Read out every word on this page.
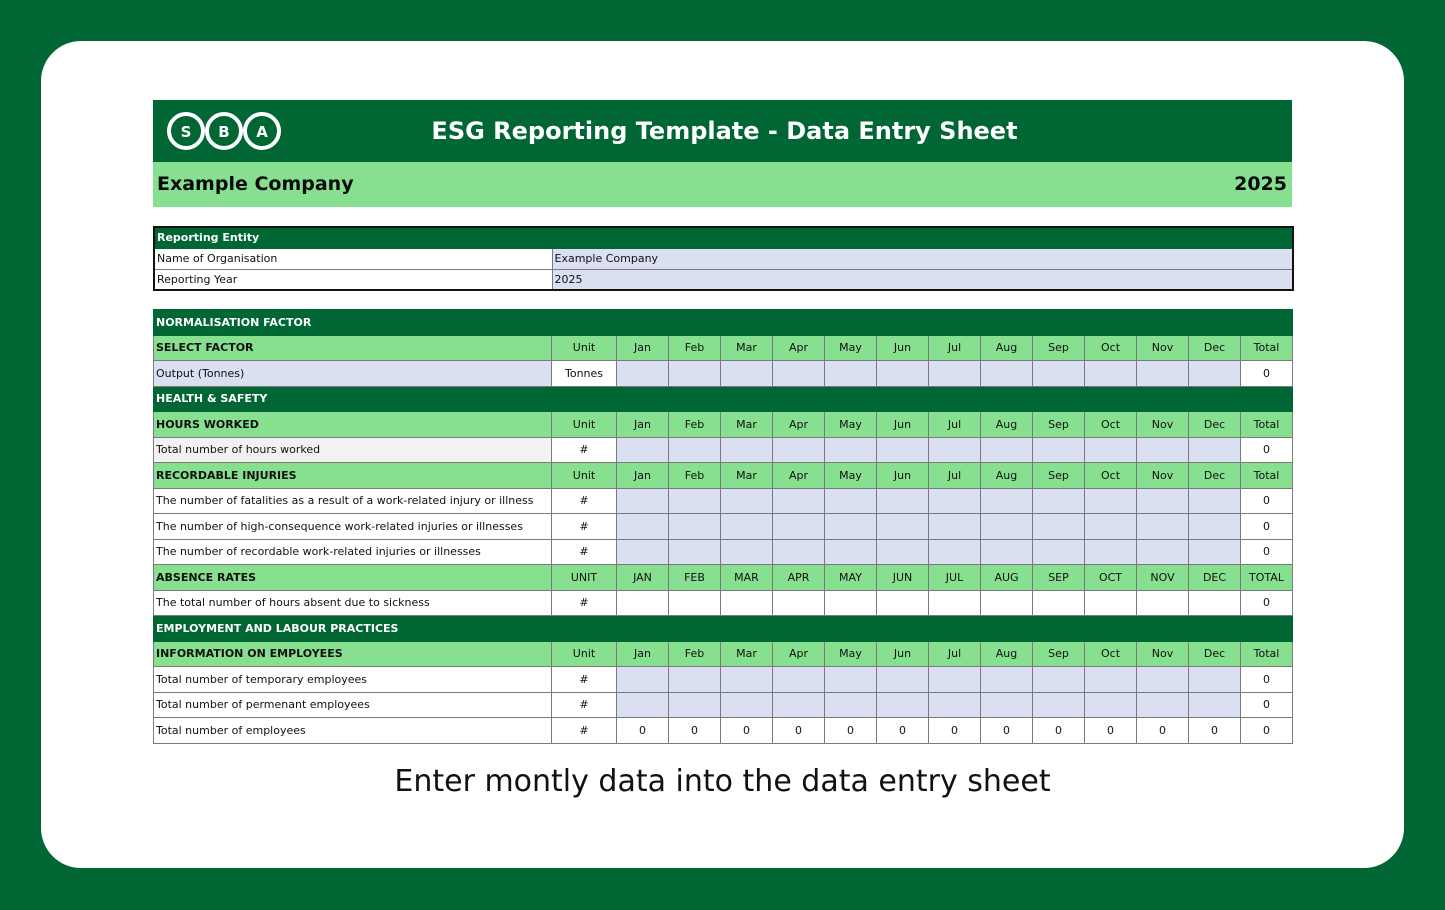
S B A	ESG Reporting Template - Data Entry Sheet
Example Company	2025
Reporting Entity	
Name of Organisation	Example Company
Reporting Year	2025
NORMALISATION FACTOR														
SELECT FACTOR	Unit	Jan	Feb	Mar	Apr	May	Jun	Jul	Aug	Sep	Oct	Nov	Dec	Total
Output (Tonnes)	Tonnes													0
HEALTH & SAFETY														
HOURS WORKED	Unit	Jan	Feb	Mar	Apr	May	Jun	Jul	Aug	Sep	Oct	Nov	Dec	Total
Total number of hours worked	#													0
RECORDABLE INJURIES	Unit	Jan	Feb	Mar	Apr	May	Jun	Jul	Aug	Sep	Oct	Nov	Dec	Total
The number of fatalities as a result of a work-related injury or illness	#													0
The number of high-consequence work-related injuries or illnesses	#													0
The number of recordable work-related injuries or illnesses	#													0
ABSENCE RATES	UNIT	JAN	FEB	MAR	APR	MAY	JUN	JUL	AUG	SEP	OCT	NOV	DEC	TOTAL
The total number of hours absent due to sickness	#													0
EMPLOYMENT AND LABOUR PRACTICES														
INFORMATION ON EMPLOYEES	Unit	Jan	Feb	Mar	Apr	May	Jun	Jul	Aug	Sep	Oct	Nov	Dec	Total
Total number of temporary employees	#													0
Total number of permenant employees	#													0
Total number of employees	#	0	0	0	0	0	0	0	0	0	0	0	0	0
Enter montly data into the data entry sheet
